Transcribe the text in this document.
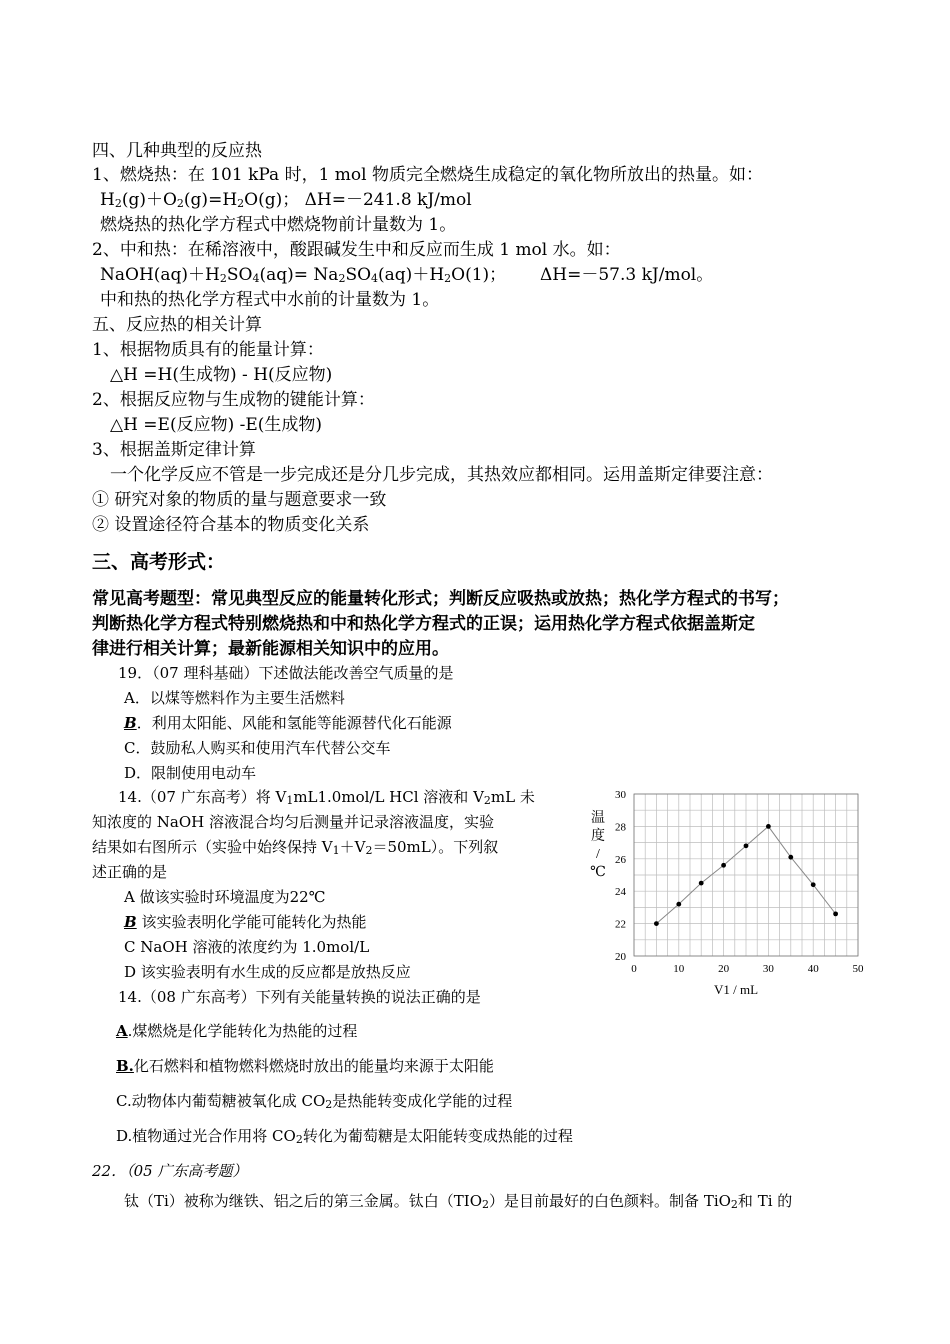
四、几种典型的反应热
1、燃烧热：在 101 kPa 时，1 mol 物质完全燃烧生成稳定的氧化物所放出的热量。如：
$H_2(g)+O_2(g)=H_2O(g)$； ΔH=－241.8 kJ/mol
燃烧热的热化学方程式中燃烧物前计量数为 1。
2、中和热：在稀溶液中，酸跟碱发生中和反应而生成 1 mol 水。如：
$NaOH(aq)+H_2SO_4(aq)= Na_2SO_4(aq)+H_2O(1)$； ΔH=－57.3 kJ/mol。
中和热的热化学方程式中水前的计量数为 1。
五、反应热的相关计算
1、根据物质具有的能量计算：
△H =H(生成物) - H(反应物)
2、根据反应物与生成物的键能计算：
△H =E(反应物) -E(生成物)
3、根据盖斯定律计算
一个化学反应不管是一步完成还是分几步完成，其热效应都相同。运用盖斯定律要注意：
① 研究对象的物质的量与题意要求一致
② 设置途径符合基本的物质变化关系
三、高考形式：
常见高考题型：常见典型反应的能量转化形式；判断反应吸热或放热；热化学方程式的书写；
判断热化学方程式特别燃烧热和中和热化学方程式的正误；运用热化学方程式依据盖斯定
律进行相关计算；最新能源相关知识中的应用。
19．（07 理科基础）下述做法能改善空气质量的是
A．以煤等燃料作为主要生活燃料
B．利用太阳能、风能和氢能等能源替代化石能源
C．鼓励私人购买和使用汽车代替公交车
D．限制使用电动车
14.（07 广东高考）将 $V_1mL1.0mol/L$ HCl 溶液和 $V_2mL$ 未
知浓度的 NaOH 溶液混合均匀后测量并记录溶液温度，实验
结果如右图所示（实验中始终保持 $V_1+V_2=50mL$）。下列叙
述正确的是
A 做该实验时环境温度为22℃
B 该实验表明化学能可能转化为热能
C NaOH 溶液的浓度约为 1.0mol/L
D 该实验表明有水生成的反应都是放热反应
20
22
24
26
28
30
0	10	20	30	40	50
温
度
/
℃
V1 / mL
14.（08 广东高考）下列有关能量转换的说法正确的是
A.煤燃烧是化学能转化为热能的过程
B.化石燃料和植物燃料燃烧时放出的能量均来源于太阳能
C.动物体内葡萄糖被氧化成 $CO_2$是热能转变成化学能的过程
D.植物通过光合作用将 $CO_2$转化为葡萄糖是太阳能转变成热能的过程
22．（05 广东高考题）
钛（Ti）被称为继铁、铝之后的第三金属。钛白$(TIO_2)$是目前最好的白色颜料。制备 TiO$_2$和 Ti 的
